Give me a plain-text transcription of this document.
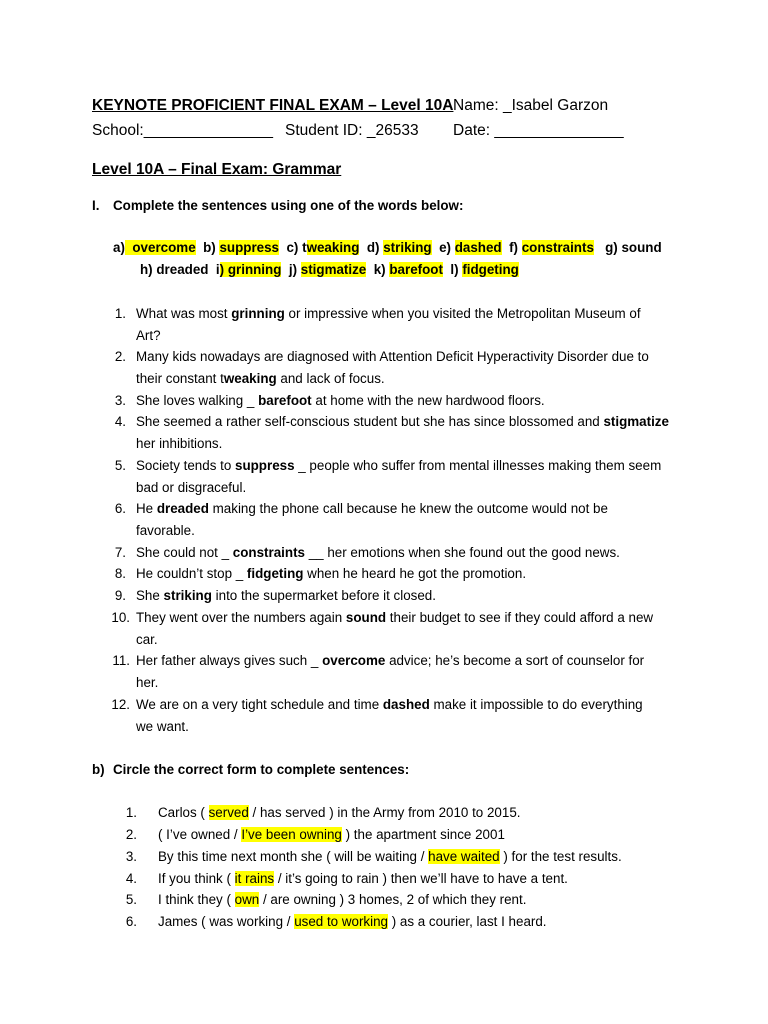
KEYNOTE PROFICIENT FINAL EXAM – Level 10A Name: _Isabel Garzon
School:_______________ Student ID: _26533 Date: _______________
Level 10A – Final Exam: Grammar
I. Complete the sentences using one of the words below:
a) overcome b) suppress c) tweaking d) striking e) dashed f) constraints g) sound
h) dreaded i) grinning j) stigmatize k) barefoot l) fidgeting
1. What was most grinning or impressive when you visited the Metropolitan Museum of
Art?
2. Many kids nowadays are diagnosed with Attention Deficit Hyperactivity Disorder due to
their constant tweaking and lack of focus.
3. She loves walking _ barefoot at home with the new hardwood floors.
4. She seemed a rather self-conscious student but she has since blossomed and stigmatize
her inhibitions.
5. Society tends to suppress _ people who suffer from mental illnesses making them seem
bad or disgraceful.
6. He dreaded making the phone call because he knew the outcome would not be
favorable.
7. She could not _ constraints __ her emotions when she found out the good news.
8. He couldn’t stop _ fidgeting when he heard he got the promotion.
9. She striking into the supermarket before it closed.
10. They went over the numbers again sound their budget to see if they could afford a new
car.
11. Her father always gives such _ overcome advice; he’s become a sort of counselor for
her.
12. We are on a very tight schedule and time dashed make it impossible to do everything
we want.
b) Circle the correct form to complete sentences:
1. Carlos ( served / has served ) in the Army from 2010 to 2015.
2. ( I’ve owned / I’ve been owning ) the apartment since 2001
3. By this time next month she ( will be waiting / have waited ) for the test results.
4. If you think ( it rains / it’s going to rain ) then we’ll have to have a tent.
5. I think they ( own / are owning ) 3 homes, 2 of which they rent.
6. James ( was working / used to working ) as a courier, last I heard.
